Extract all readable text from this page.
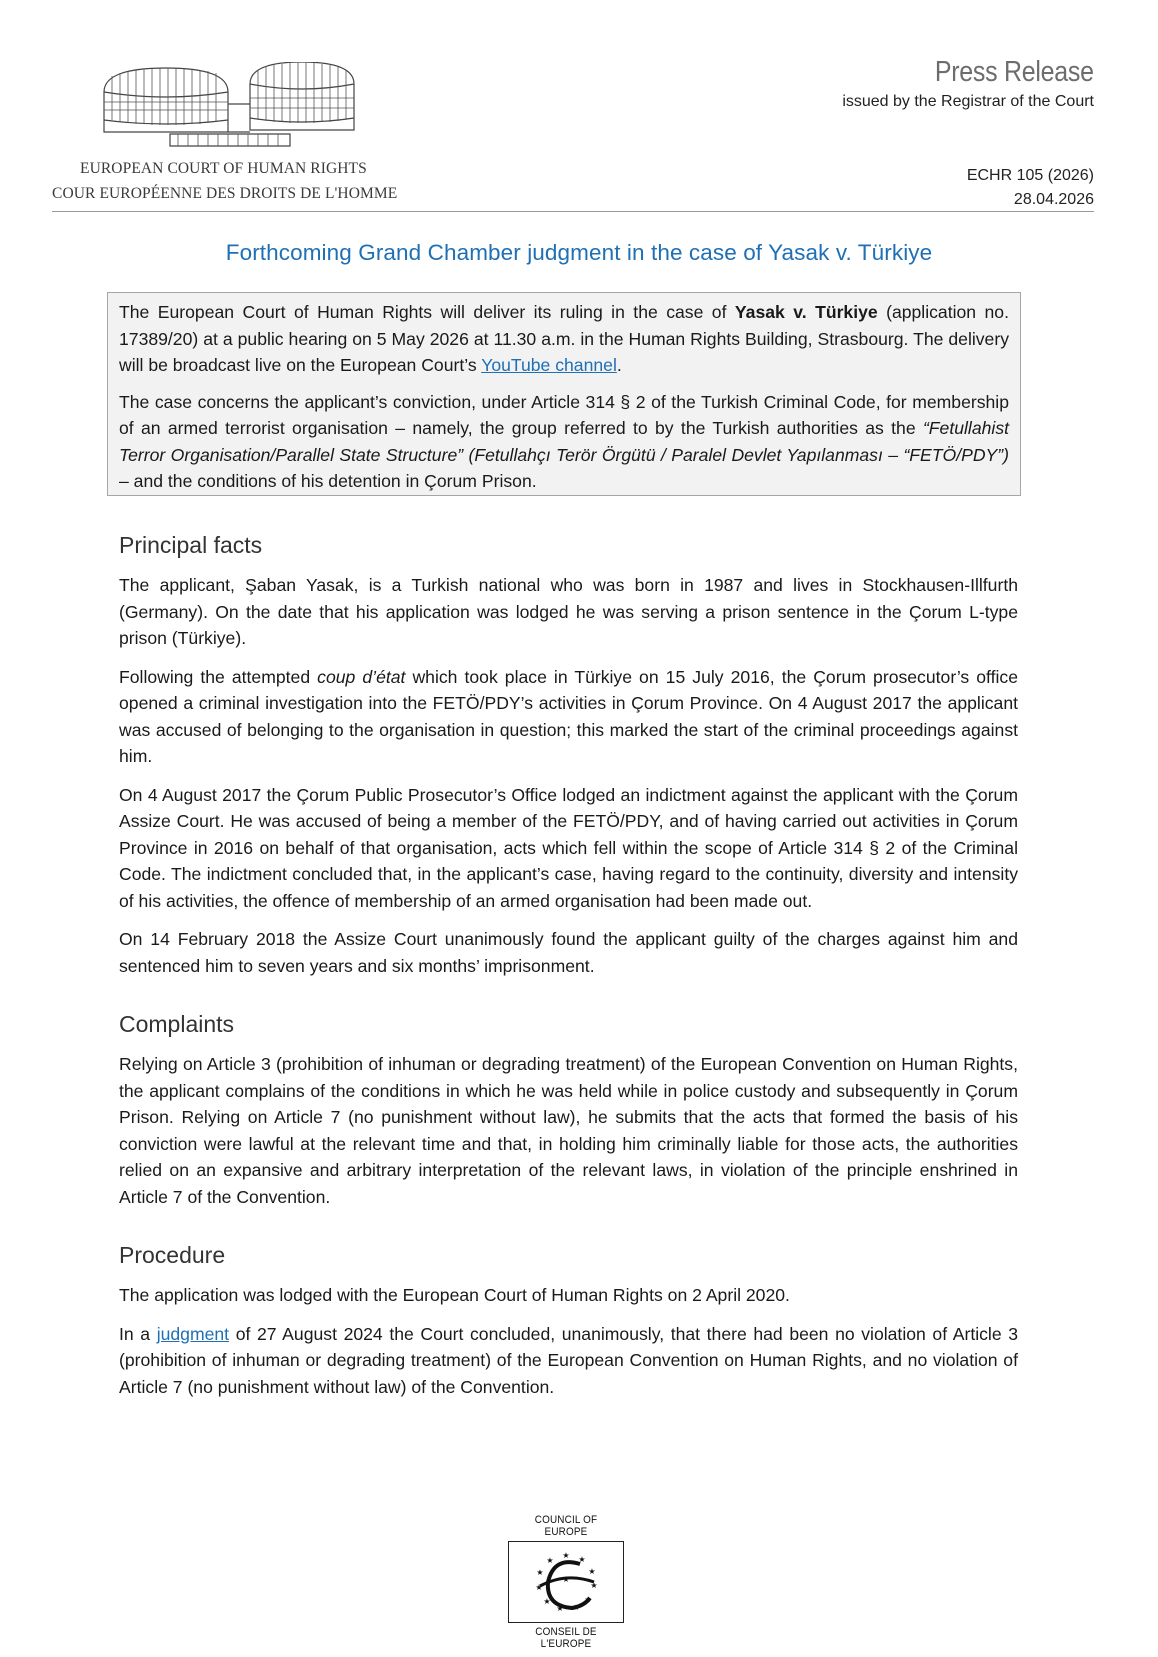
EUROPEAN COURT OF HUMAN RIGHTS
COUR EUROPÉENNE DES DROITS DE L'HOMME
Press Release
issued by the Registrar of the Court
ECHR 105 (2026)
28.04.2026
Forthcoming Grand Chamber judgment in the case of Yasak v. Türkiye

The European Court of Human Rights will deliver its ruling in the case of Yasak v. Türkiye (application no. 17389/20) at a public hearing on 5 May 2026 at 11.30 a.m. in the Human Rights Building, Strasbourg. The delivery will be broadcast live on the European Court’s YouTube channel.

The case concerns the applicant’s conviction, under Article 314 § 2 of the Turkish Criminal Code, for membership of an armed terrorist organisation – namely, the group referred to by the Turkish authorities as the “Fetullahist Terror Organisation/Parallel State Structure” (Fetullahçı Terör Örgütü / Paralel Devlet Yapılanması – “FETÖ/PDY”) – and the conditions of his detention in Çorum Prison.

Principal facts

The applicant, Şaban Yasak, is a Turkish national who was born in 1987 and lives in Stockhausen-Illfurth (Germany). On the date that his application was lodged he was serving a prison sentence in the Çorum L-type prison (Türkiye).

Following the attempted coup d’état which took place in Türkiye on 15 July 2016, the Çorum prosecutor’s office opened a criminal investigation into the FETÖ/PDY’s activities in Çorum Province. On 4 August 2017 the applicant was accused of belonging to the organisation in question; this marked the start of the criminal proceedings against him.

On 4 August 2017 the Çorum Public Prosecutor’s Office lodged an indictment against the applicant with the Çorum Assize Court. He was accused of being a member of the FETÖ/PDY, and of having carried out activities in Çorum Province in 2016 on behalf of that organisation, acts which fell within the scope of Article 314 § 2 of the Criminal Code. The indictment concluded that, in the applicant’s case, having regard to the continuity, diversity and intensity of his activities, the offence of membership of an armed organisation had been made out.

On 14 February 2018 the Assize Court unanimously found the applicant guilty of the charges against him and sentenced him to seven years and six months’ imprisonment.

Complaints

Relying on Article 3 (prohibition of inhuman or degrading treatment) of the European Convention on Human Rights, the applicant complains of the conditions in which he was held while in police custody and subsequently in Çorum Prison. Relying on Article 7 (no punishment without law), he submits that the acts that formed the basis of his conviction were lawful at the relevant time and that, in holding him criminally liable for those acts, the authorities relied on an expansive and arbitrary interpretation of the relevant laws, in violation of the principle enshrined in Article 7 of the Convention.

Procedure

The application was lodged with the European Court of Human Rights on 2 April 2020.

In a judgment of 27 August 2024 the Court concluded, unanimously, that there had been no violation of Article 3 (prohibition of inhuman or degrading treatment) of the European Convention on Human Rights, and no violation of Article 7 (no punishment without law) of the Convention.

COUNCIL OF EUROPE
★ ★
★
★
★
★
★
★
★
★
★
★
CONSEIL DE L'EUROPE
